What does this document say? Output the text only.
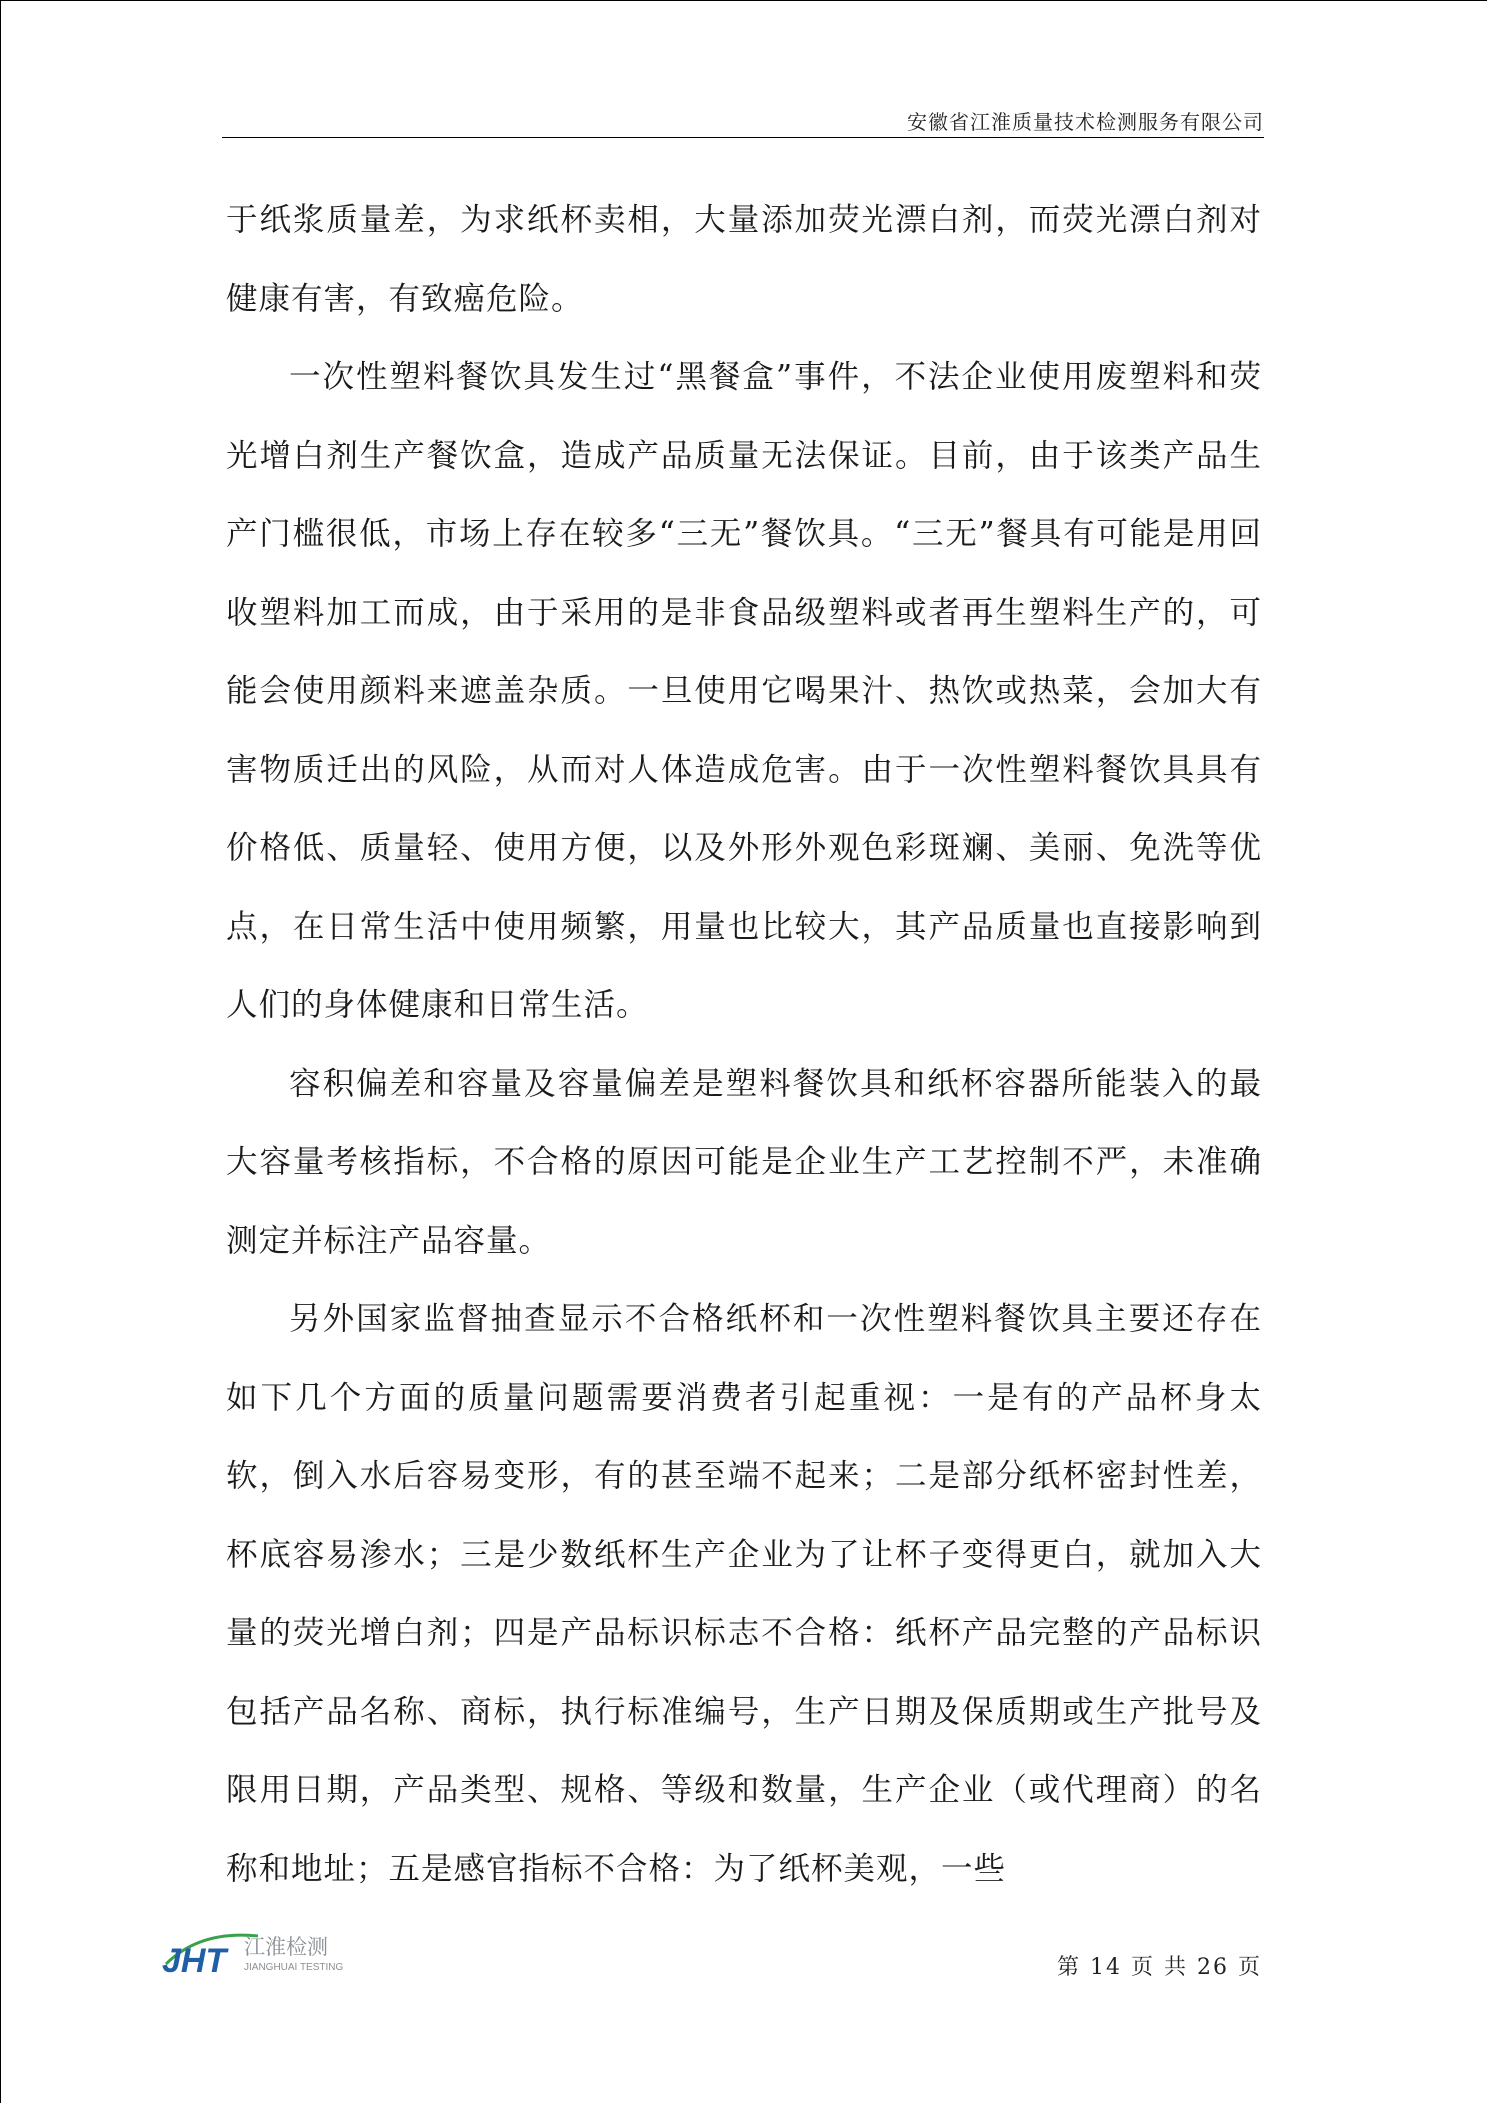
安徽省江淮质量技术检测服务有限公司

于纸浆质量差，为求纸杯卖相，大量添加荧光漂白剂，而荧光漂白剂对健康有害，有致癌危险。

一次性塑料餐饮具发生过“黑餐盒”事件，不法企业使用废塑料和荧光增白剂生产餐饮盒，造成产品质量无法保证。目前，由于该类产品生产门槛很低，市场上存在较多“三无”餐饮具。“三无”餐具有可能是用回收塑料加工而成，由于采用的是非食品级塑料或者再生塑料生产的，可能会使用颜料来遮盖杂质。一旦使用它喝果汁、热饮或热菜，会加大有害物质迁出的风险，从而对人体造成危害。由于一次性塑料餐饮具具有价格低、质量轻、使用方便，以及外形外观色彩斑斓、美丽、免洗等优点，在日常生活中使用频繁，用量也比较大，其产品质量也直接影响到人们的身体健康和日常生活。

容积偏差和容量及容量偏差是塑料餐饮具和纸杯容器所能装入的最大容量考核指标，不合格的原因可能是企业生产工艺控制不严，未准确测定并标注产品容量。

另外国家监督抽查显示不合格纸杯和一次性塑料餐饮具主要还存在如下几个方面的质量问题需要消费者引起重视：一是有的产品杯身太软，倒入水后容易变形，有的甚至端不起来；二是部分纸杯密封性差，杯底容易渗水；三是少数纸杯生产企业为了让杯子变得更白，就加入大量的荧光增白剂；四是产品标识标志不合格：纸杯产品完整的产品标识包括产品名称、商标，执行标准编号，生产日期及保质期或生产批号及限用日期，产品类型、规格、等级和数量，生产企业（或代理商）的名称和地址；五是感官指标不合格：为了纸杯美观，一些

JHT 江淮检测
JIANGHUAI TESTING	第 14 页 共 26 页
